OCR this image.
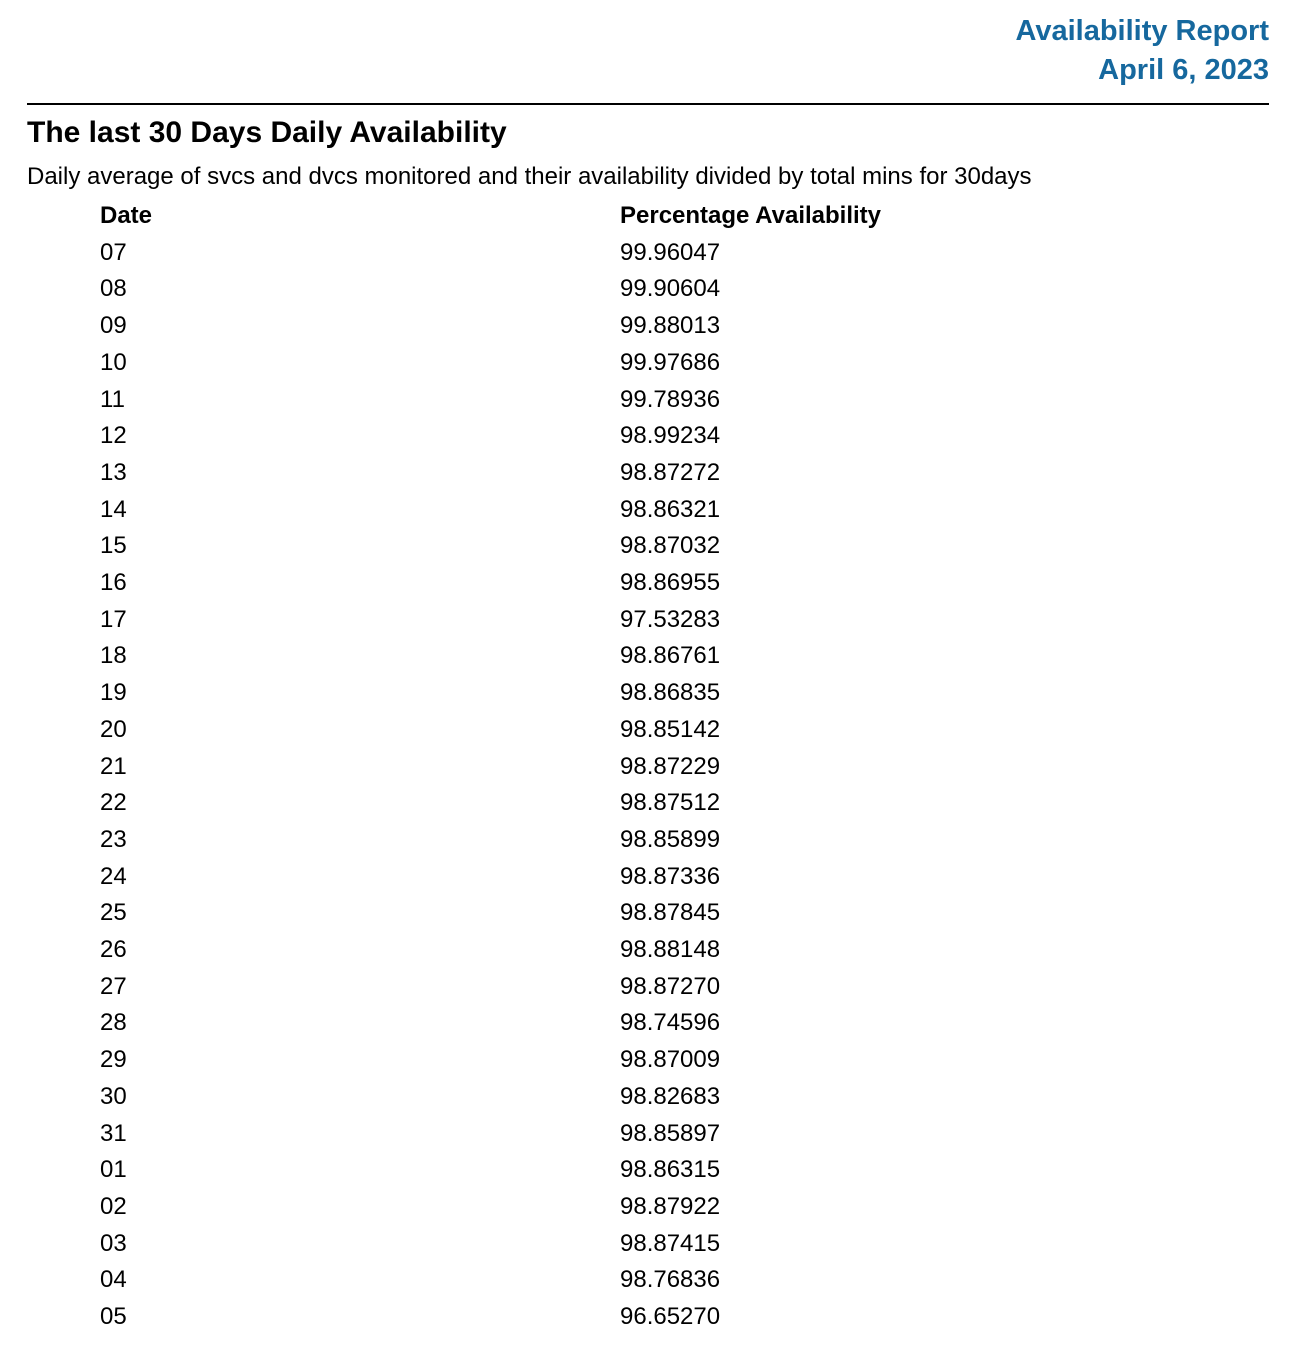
Availability Report
April 6, 2023
The last 30 Days Daily Availability

Daily average of svcs and dvcs monitored and their availability divided by total mins for 30days

Date	Percentage Availability
07	99.96047
08	99.90604
09	99.88013
10	99.97686
11	99.78936
12	98.99234
13	98.87272
14	98.86321
15	98.87032
16	98.86955
17	97.53283
18	98.86761
19	98.86835
20	98.85142
21	98.87229
22	98.87512
23	98.85899
24	98.87336
25	98.87845
26	98.88148
27	98.87270
28	98.74596
29	98.87009
30	98.82683
31	98.85897
01	98.86315
02	98.87922
03	98.87415
04	98.76836
05	96.65270
